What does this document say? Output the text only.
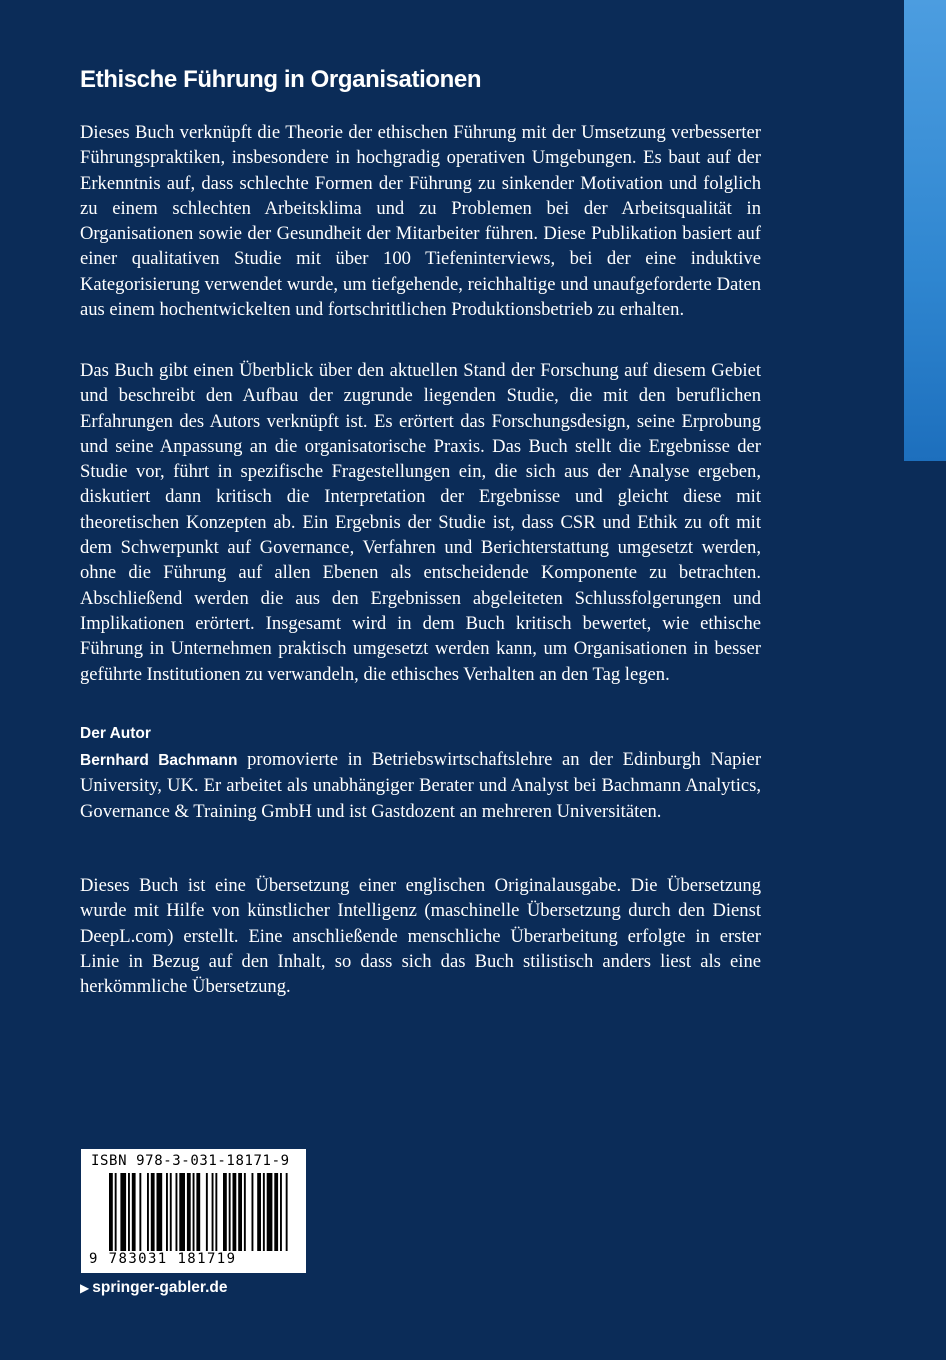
Ethische Führung in Organisationen
Dieses Buch verknüpft die Theorie der ethischen Führung mit der Umsetzung verbesserter Führungspraktiken, insbesondere in hochgradig operativen Umgebungen. Es baut auf der Erkenntnis auf, dass schlechte Formen der Führung zu sinkender Motivation und folglich zu einem schlechten Arbeitsklima und zu Problemen bei der Arbeitsqualität in Organisationen sowie der Gesundheit der Mitarbeiter führen. Diese Publikation basiert auf einer qualitativen Studie mit über 100 Tiefeninterviews, bei der eine induktive Kategorisierung verwendet wurde, um tiefgehende, reichhaltige und unaufgeforderte Daten aus einem hochentwickelten und fortschrittlichen Produktionsbetrieb zu erhalten.
Das Buch gibt einen Überblick über den aktuellen Stand der Forschung auf diesem Gebiet und beschreibt den Aufbau der zugrunde liegenden Studie, die mit den beruflichen Erfahrungen des Autors verknüpft ist. Es erörtert das Forschungsdesign, seine Erprobung und seine Anpassung an die organisatorische Praxis. Das Buch stellt die Ergebnisse der Studie vor, führt in spezifische Fragestellungen ein, die sich aus der Analyse ergeben, diskutiert dann kritisch die Interpretation der Ergebnisse und gleicht diese mit theoretischen Konzepten ab. Ein Ergebnis der Studie ist, dass CSR und Ethik zu oft mit dem Schwerpunkt auf Governance, Verfahren und Berichterstattung umgesetzt werden, ohne die Führung auf allen Ebenen als entscheidende Komponente zu betrachten. Abschließend werden die aus den Ergebnissen abgeleiteten Schlussfolgerungen und Implikationen erörtert. Insgesamt wird in dem Buch kritisch bewertet, wie ethische Führung in Unternehmen praktisch umgesetzt werden kann, um Organisationen in besser geführte Institutionen zu verwandeln, die ethisches Verhalten an den Tag legen.
Der Autor
Bernhard Bachmann promovierte in Betriebswirtschaftslehre an der Edinburgh Napier University, UK. Er arbeitet als unabhängiger Berater und Analyst bei Bachmann Analytics, Governance & Training GmbH und ist Gastdozent an mehreren Universitäten.
Dieses Buch ist eine Übersetzung einer englischen Originalausgabe. Die Übersetzung wurde mit Hilfe von künstlicher Intelligenz (maschinelle Übersetzung durch den Dienst DeepL.com) erstellt. Eine anschließende menschliche Überarbeitung erfolgte in erster Linie in Bezug auf den Inhalt, so dass sich das Buch stilistisch anders liest als eine herkömmliche Übersetzung.
ISBN 978-3-031-18171-9
9 783031 181719
▶ springer-gabler.de
